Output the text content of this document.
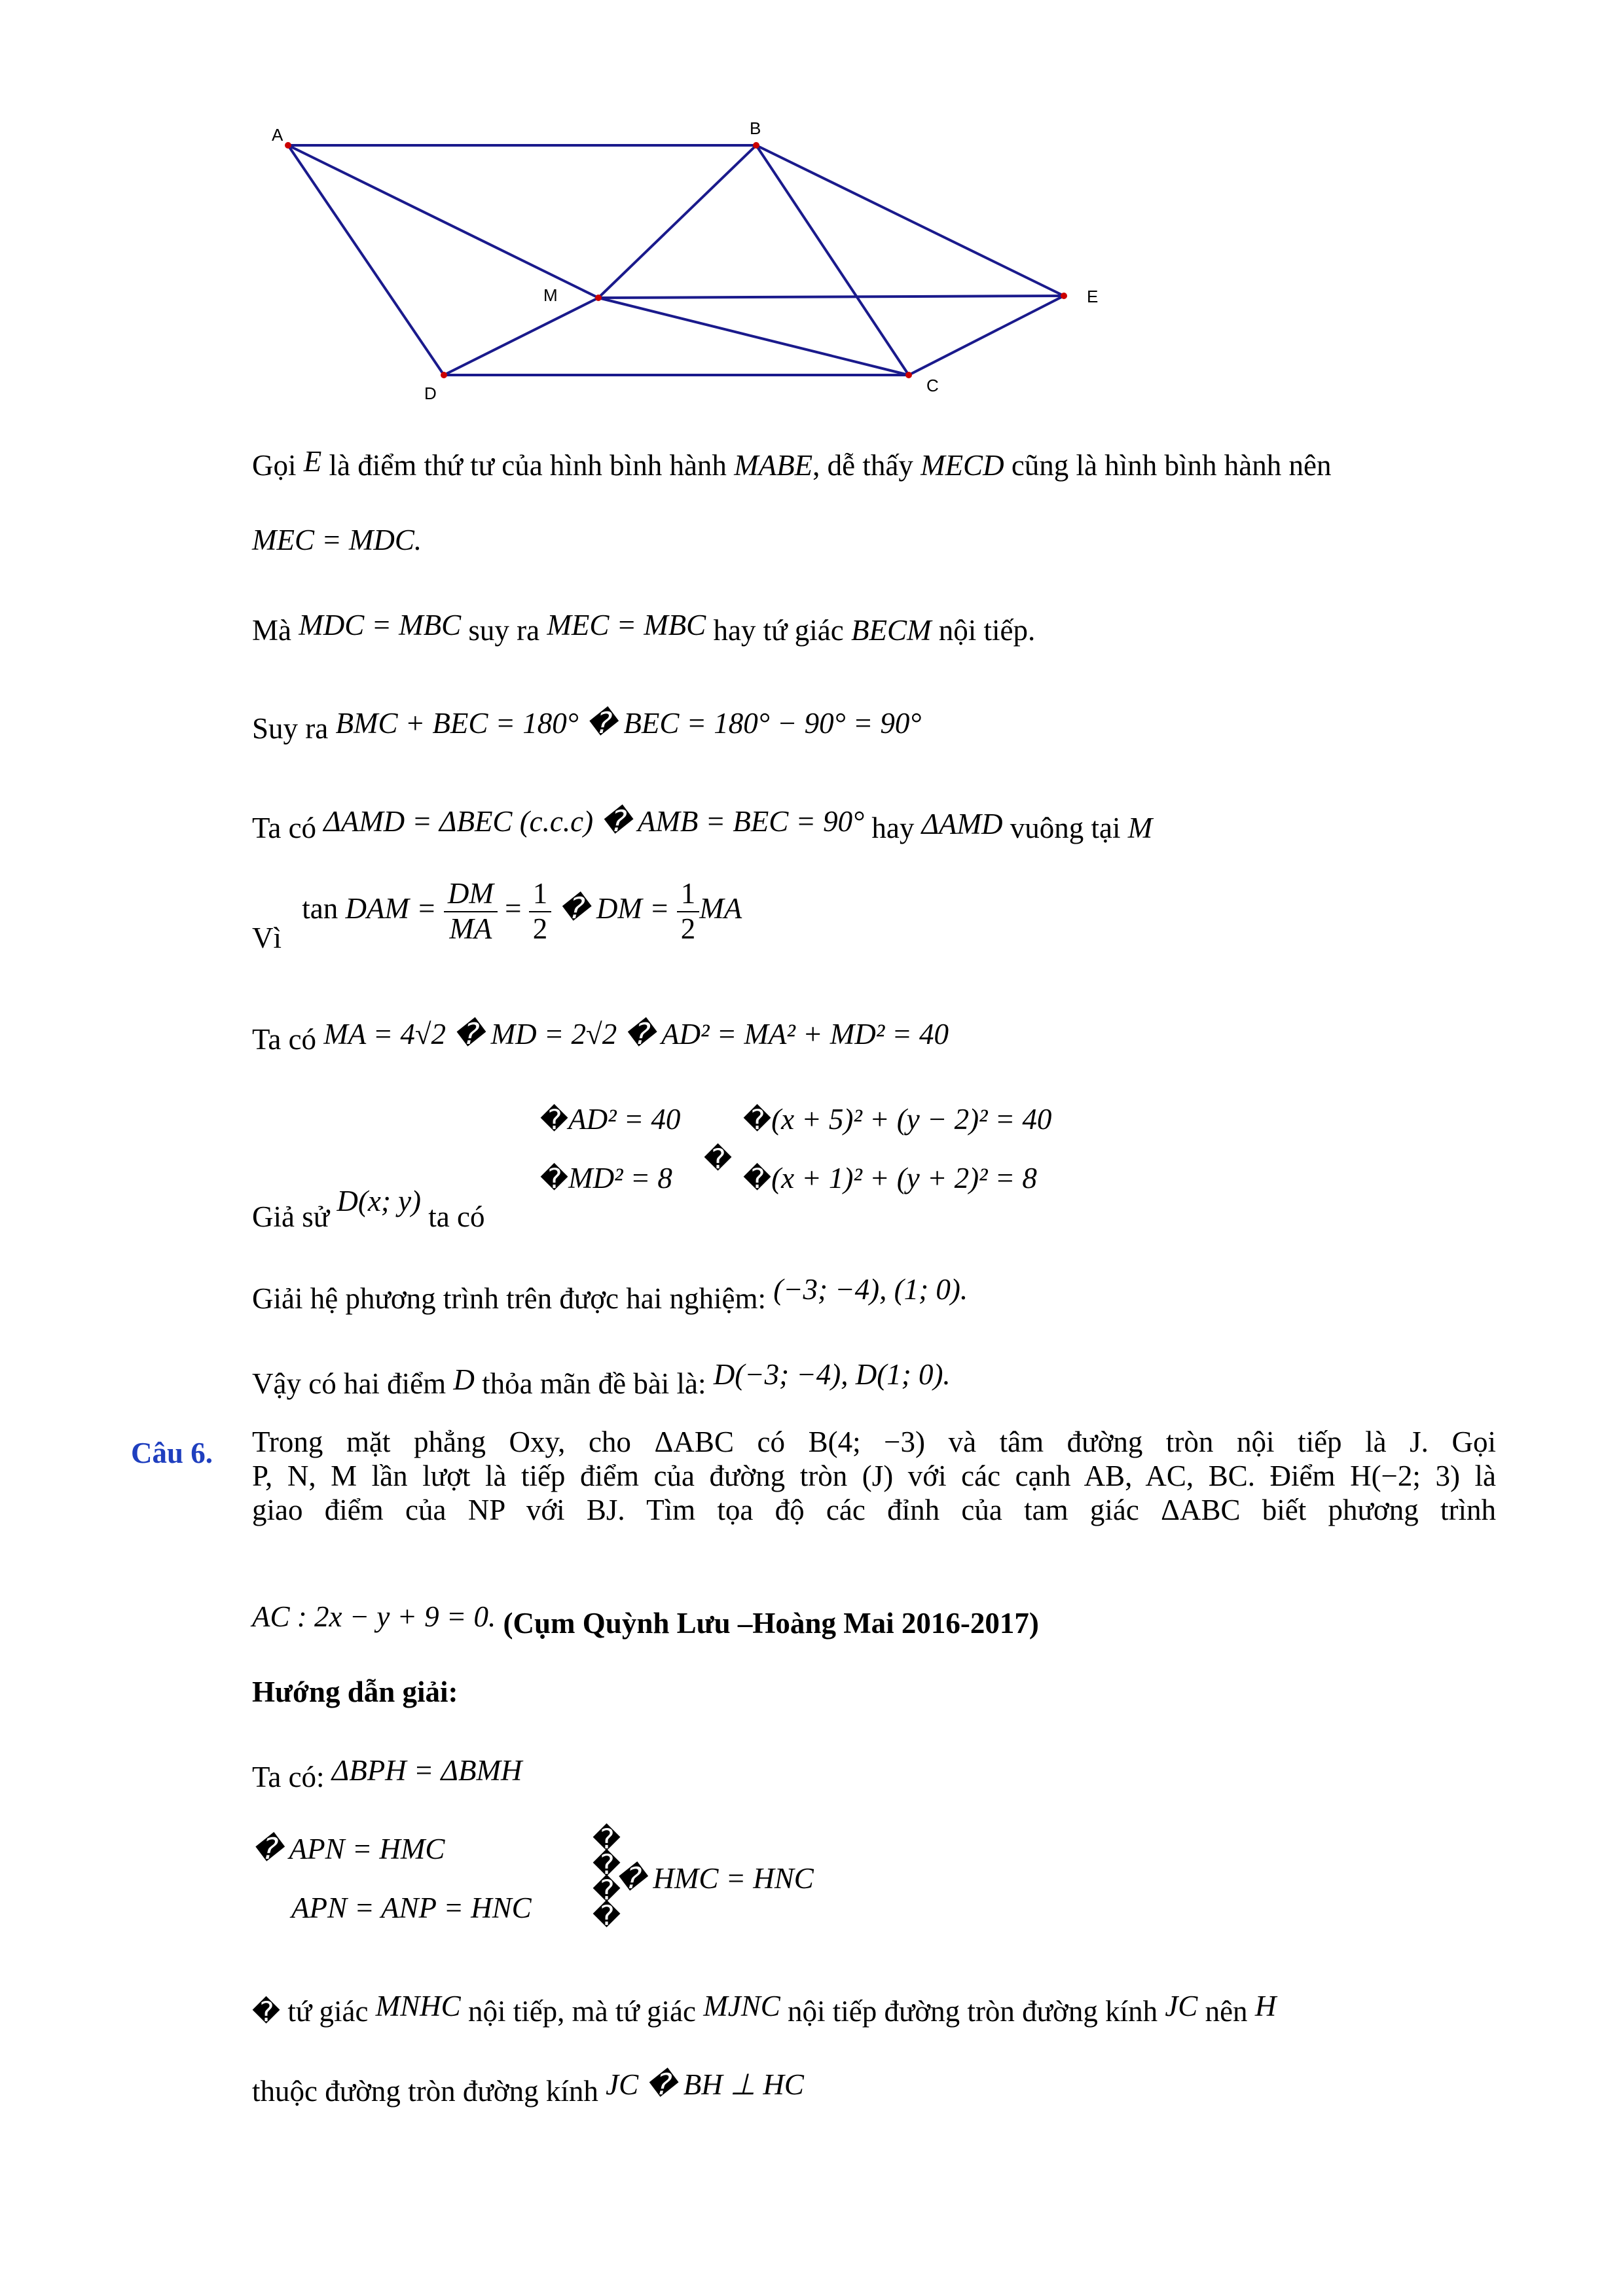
A	B
M	E
D	C
Gọi E là điểm thứ tư của hình bình hành MABE, dễ thấy MECD cũng là hình bình hành nên
MEC = MDC.
Mà MDC = MBC suy ra MEC = MBC hay tứ giác BECM nội tiếp.
Suy ra BMC + BEC = 180° � BEC = 180° − 90° = 90°
Ta có ΔAMD = ΔBEC (c.c.c) � AMB = BEC = 90° hay ΔAMD vuông tại M
Vì tan DAM = $\frac{DM}{MA} = \frac{1}{2}$ � DM = $\frac{1}{2}$ MA
Ta có MA = 4√2 � MD = 2√2 � AD² = MA² + MD² = 40
Giả sử D(x; y) ta có
�AD² = 40
�MD² = 8
�
�(x + 5)² + (y − 2)² = 40
�(x + 1)² + (y + 2)² = 8
Giải hệ phương trình trên được hai nghiệm: (−3; −4), (1; 0).
Vậy có hai điểm D thỏa mãn đề bài là: D(−3; −4), D(1; 0).
Câu 6. Trong mặt phẳng Oxy, cho ΔABC có B(4; −3) và tâm đường tròn nội tiếp là J. Gọi
P, N, M lần lượt là tiếp điểm của đường tròn (J) với các cạnh AB, AC, BC. Điểm H(−2; 3) là
giao điểm của NP với BJ. Tìm tọa độ các đỉnh của tam giác ΔABC biết phương trình
AC : 2x − y + 9 = 0. (Cụm Quỳnh Lưu –Hoàng Mai 2016-2017)
Hướng dẫn giải:
Ta có: ΔBPH = ΔBMH
� APN = HMC
APN = ANP = HNC
�
�
�
�
� HMC = HNC
� tứ giác MNHC nội tiếp, mà tứ giác MJNC nội tiếp đường tròn đường kính JC nên H
thuộc đường tròn đường kính JC � BH ⊥ HC
